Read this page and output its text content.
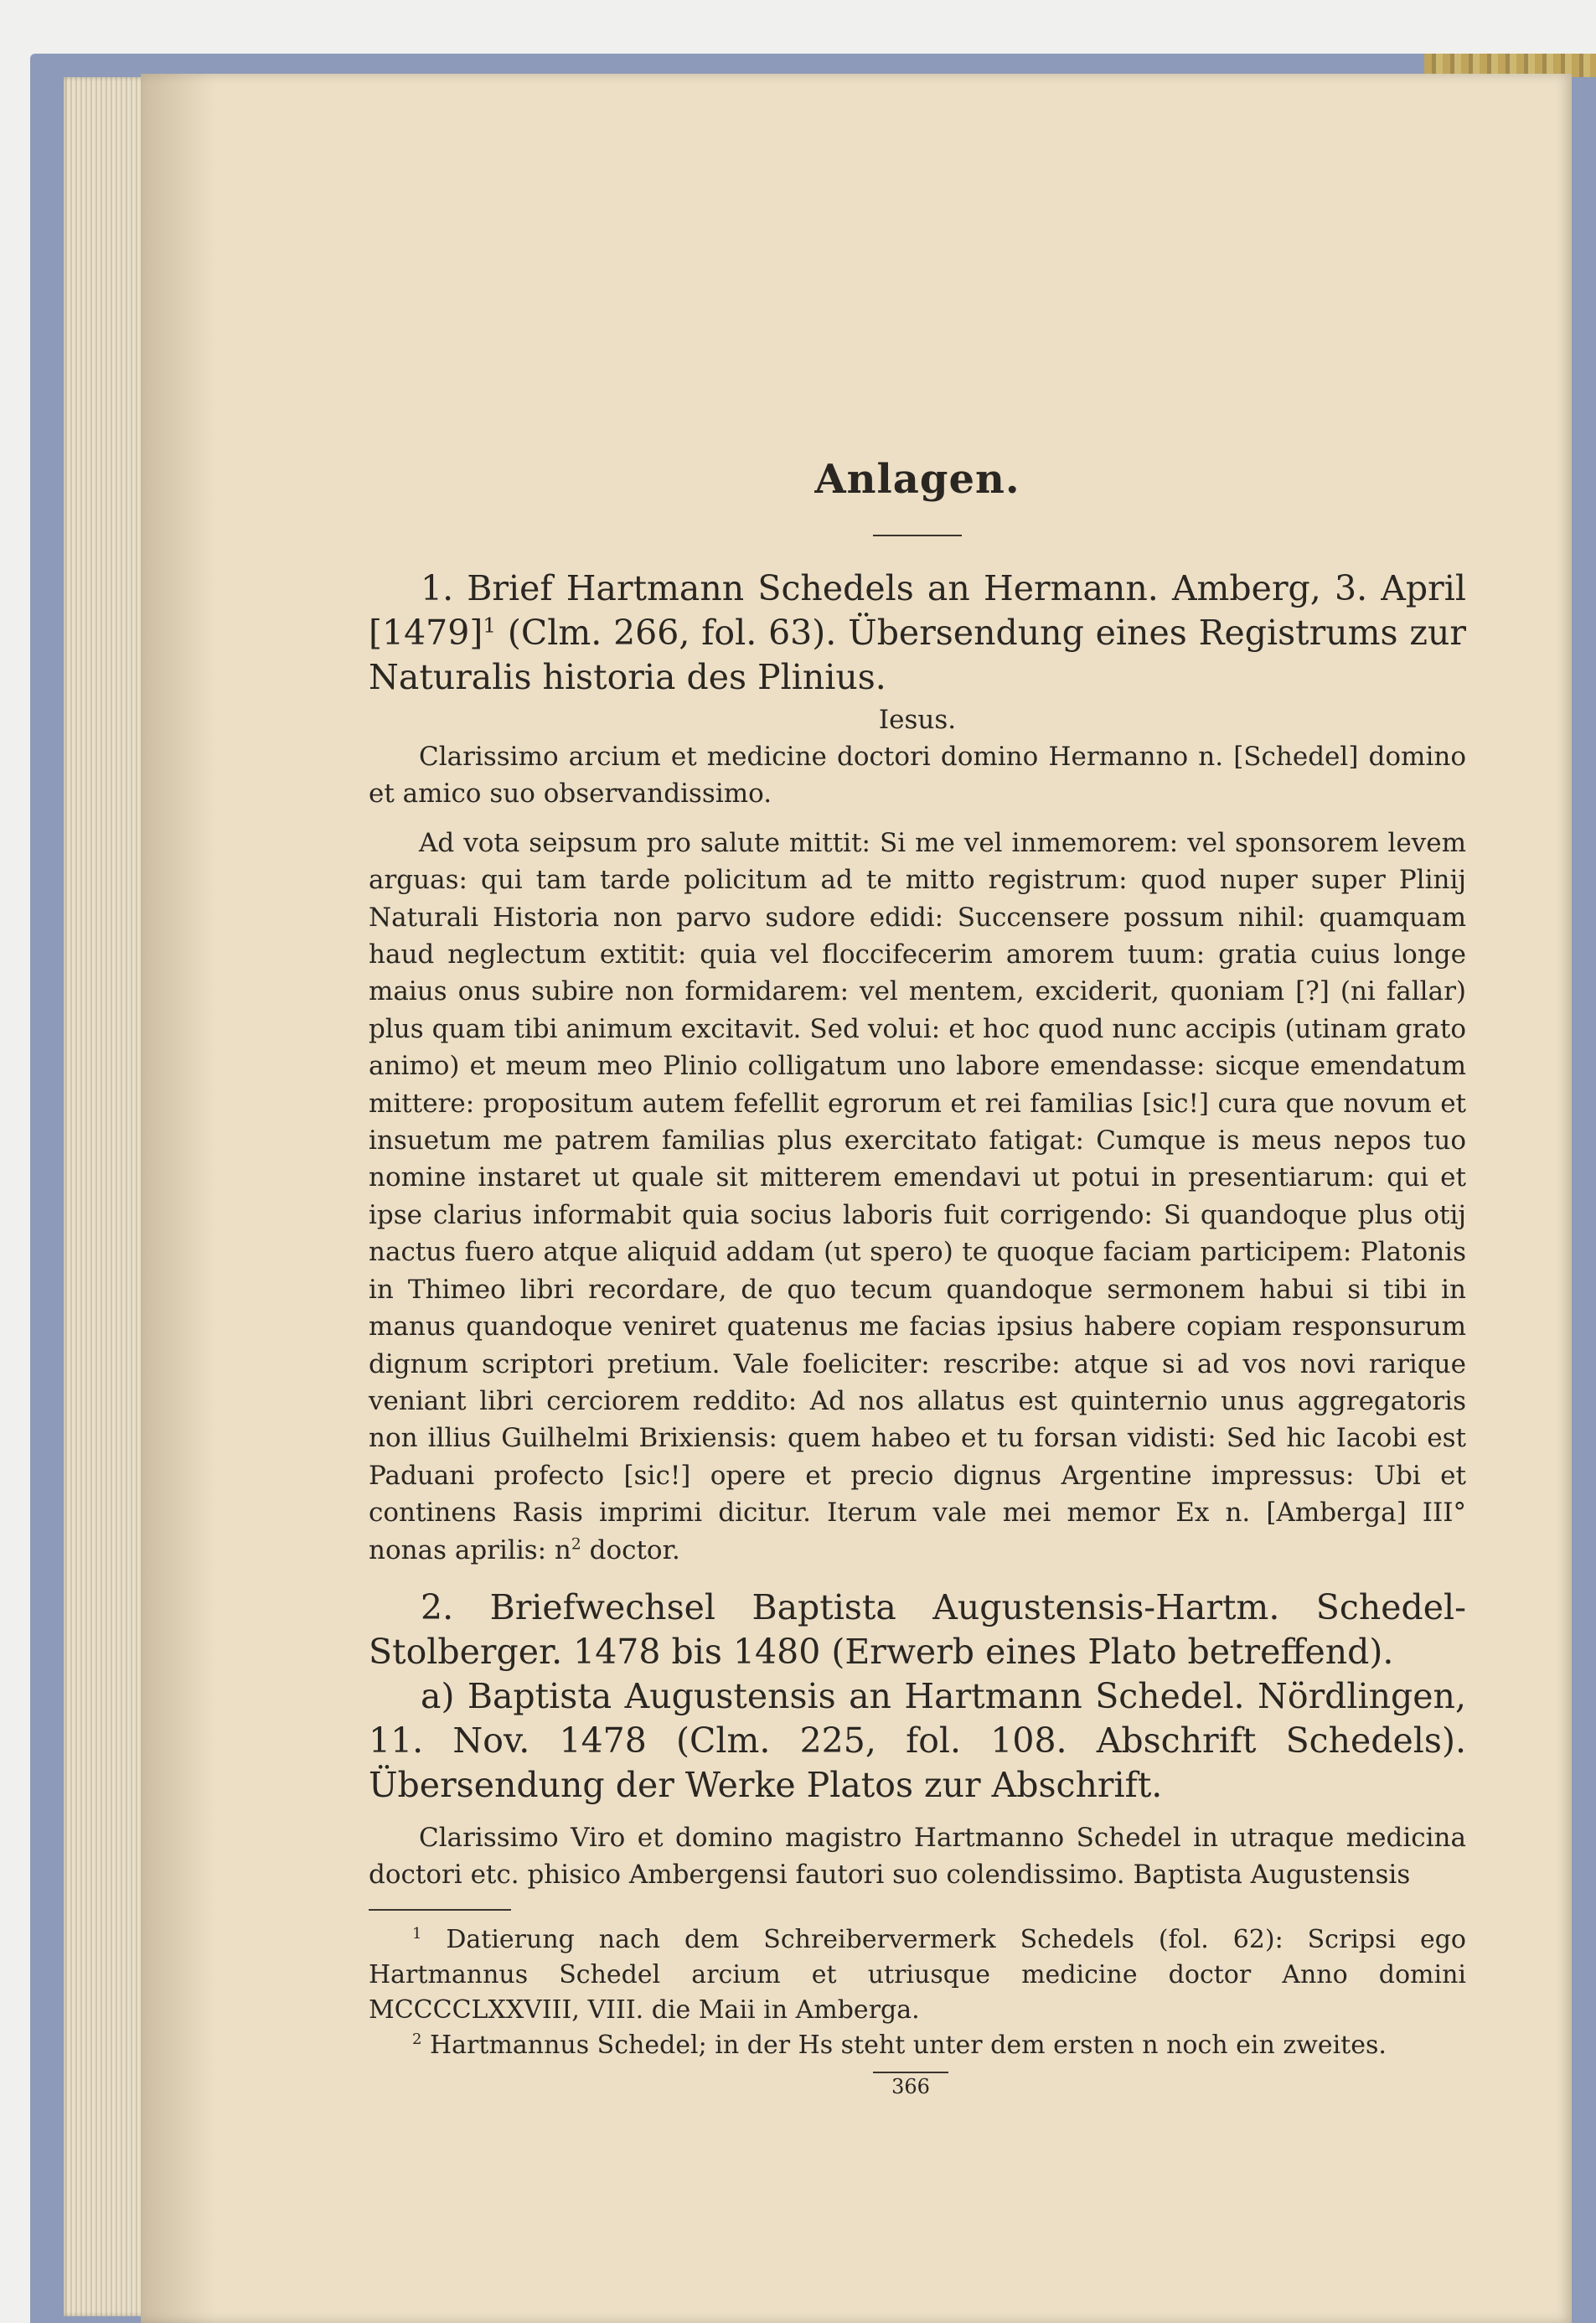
Anlagen.

1. Brief Hartmann Schedels an Hermann. Amberg, 3. April $[1479]^1$ (Clm. 266, fol. 63). Übersendung eines Registrums zur Naturalis historia des Plinius.

Iesus.

Clarissimo arcium et medicine doctori domino Hermanno n. [Schedel] domino et amico suo observandissimo.

Ad vota seipsum pro salute mittit: Si me vel inmemorem: vel sponsorem levem arguas: qui tam tarde policitum ad te mitto registrum: quod nuper super Plinij Naturali Historia non parvo sudore edidi: Succensere possum nihil: quamquam haud neglectum extitit: quia vel floccifecerim amorem tuum: gratia cuius longe maius onus subire non formidarem: vel mentem, exciderit, quoniam [?] (ni fallar) plus quam tibi animum excitavit. Sed volui: et hoc quod nunc accipis (utinam grato animo) et meum meo Plinio colligatum uno labore emendasse: sicque emendatum mittere: propositum autem fefellit egrorum et rei familias [sic!] cura que novum et insuetum me patrem familias plus exercitato fatigat: Cumque is meus nepos tuo nomine instaret ut quale sit mitterem emendavi ut potui in presentiarum: qui et ipse clarius informabit quia socius laboris fuit corrigendo: Si quandoque plus otij nactus fuero atque aliquid addam (ut spero) te quoque faciam participem: Platonis in Thimeo libri recordare, de quo tecum quandoque sermonem habui si tibi in manus quandoque veniret quatenus me facias ipsius habere copiam responsurum dignum scriptori pretium. Vale foeliciter: rescribe: atque si ad vos novi rarique veniant libri cerciorem reddito: Ad nos allatus est quinternio unus aggregatoris non illius Guilhelmi Brixiensis: quem habeo et tu forsan vidisti: Sed hic Iacobi est Paduani profecto [sic!] opere et precio dignus Argentine impressus: Ubi et continens Rasis imprimi dicitur. Iterum vale mei memor Ex n. [Amberga] III° nonas aprilis: $n^2$ doctor.

2. Briefwechsel Baptista Augustensis-Hartm. Schedel-Stolberger. 1478 bis 1480 (Erwerb eines Plato betreffend).

a) Baptista Augustensis an Hartmann Schedel. Nördlingen, 11. Nov. 1478 (Clm. 225, fol. 108. Abschrift Schedels). Übersendung der Werke Platos zur Abschrift.

Clarissimo Viro et domino magistro Hartmanno Schedel in utraque medicina doctori etc. phisico Ambergensi fautori suo colendissimo. Baptista Augustensis

$^1$ Datierung nach dem Schreibervermerk Schedels (fol. 62): Scripsi ego Hartmannus Schedel arcium et utriusque medicine doctor Anno domini MCCCCLXXVIII, VIII. die Maii in Amberga.

$^2$ Hartmannus Schedel; in der Hs steht unter dem ersten n noch ein zweites.

366
